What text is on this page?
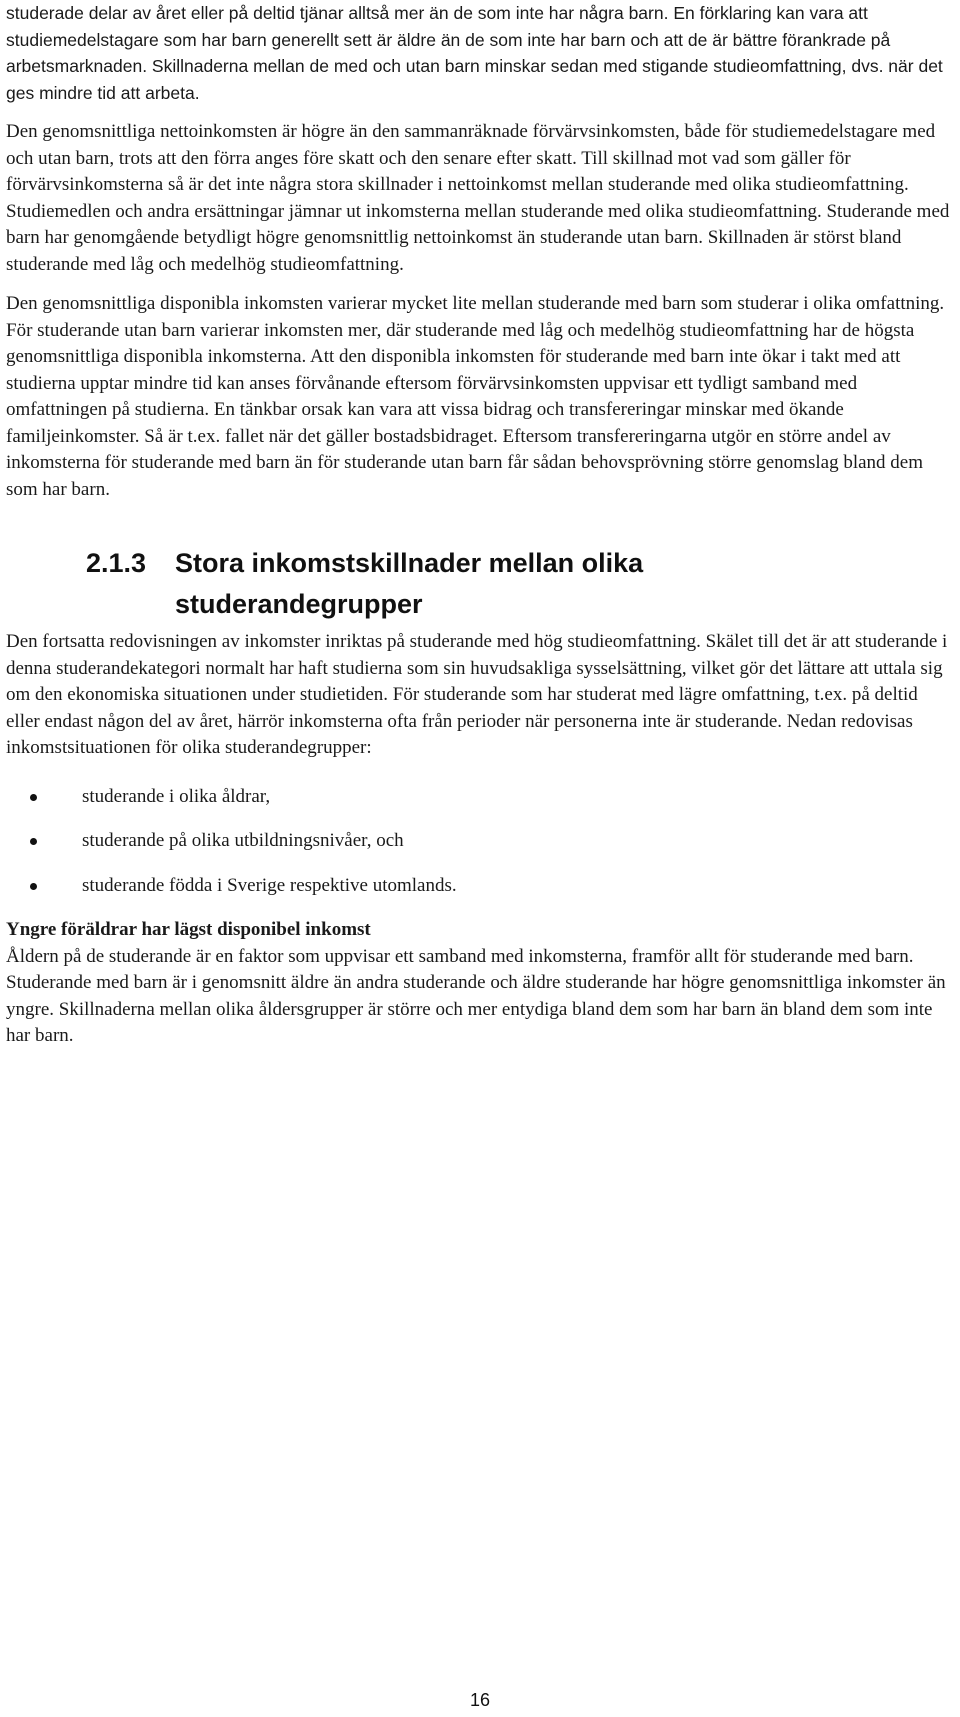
studerade delar av året eller på deltid tjänar alltså mer än de som inte har några barn. En förklaring kan vara att studiemedelstagare som har barn generellt sett är äldre än de som inte har barn och att de är bättre förankrade på arbetsmarknaden. Skillnaderna mellan de med och utan barn minskar sedan med stigande studieomfattning, dvs. när det ges mindre tid att arbeta.

Den genomsnittliga nettoinkomsten är högre än den sammanräknade förvärvsinkomsten, både för studiemedelstagare med och utan barn, trots att den förra anges före skatt och den senare efter skatt. Till skillnad mot vad som gäller för förvärvsinkomsterna så är det inte några stora skillnader i nettoinkomst mellan studerande med olika studieomfattning. Studiemedlen och andra ersättningar jämnar ut inkomsterna mellan studerande med olika studieomfattning. Studerande med barn har genomgående betydligt högre genomsnittlig nettoinkomst än studerande utan barn. Skillnaden är störst bland studerande med låg och medelhög studieomfattning.

Den genomsnittliga disponibla inkomsten varierar mycket lite mellan studerande med barn som studerar i olika omfattning. För studerande utan barn varierar inkomsten mer, där studerande med låg och medelhög studieomfattning har de högsta genomsnittliga disponibla inkomsterna. Att den disponibla inkomsten för studerande med barn inte ökar i takt med att studierna upptar mindre tid kan anses förvånande eftersom förvärvsinkomsten uppvisar ett tydligt samband med omfattningen på studierna. En tänkbar orsak kan vara att vissa bidrag och transfereringar minskar med ökande familjeinkomster. Så är t.ex. fallet när det gäller bostadsbidraget. Eftersom transfereringarna utgör en större andel av inkomsterna för studerande med barn än för studerande utan barn får sådan behovsprövning större genomslag bland dem som har barn.

2.1.3 Stora inkomstskillnader mellan olika studerandegrupper

Den fortsatta redovisningen av inkomster inriktas på studerande med hög studieomfattning. Skälet till det är att studerande i denna studerandekategori normalt har haft studierna som sin huvudsakliga sysselsättning, vilket gör det lättare att uttala sig om den ekonomiska situationen under studietiden. För studerande som har studerat med lägre omfattning, t.ex. på deltid eller endast någon del av året, härrör inkomsterna ofta från perioder när personerna inte är studerande. Nedan redovisas inkomstsituationen för olika studerandegrupper:

studerande i olika åldrar,
studerande på olika utbildningsnivåer, och
studerande födda i Sverige respektive utomlands.
Yngre föräldrar har lägst disponibel inkomst

Åldern på de studerande är en faktor som uppvisar ett samband med inkomsterna, framför allt för studerande med barn. Studerande med barn är i genomsnitt äldre än andra studerande och äldre studerande har högre genomsnittliga inkomster än yngre. Skillnaderna mellan olika åldersgrupper är större och mer entydiga bland dem som har barn än bland dem som inte har barn.

16
